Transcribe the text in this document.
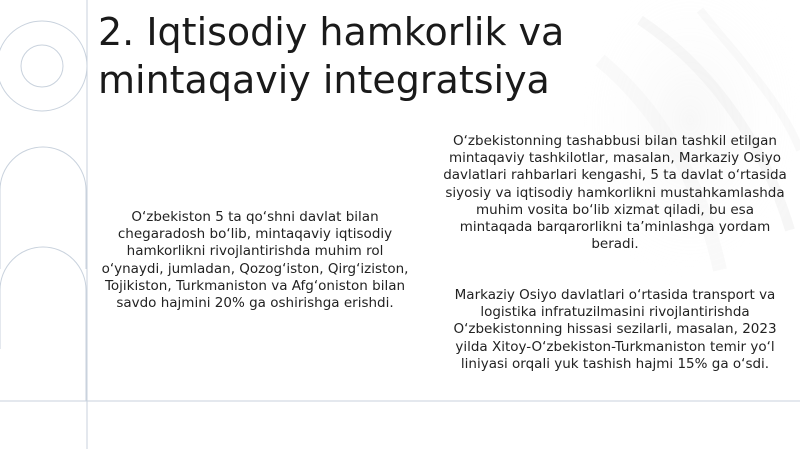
2. Iqtisodiy hamkorlik va mintaqaviy integratsiya

O‘zbekiston 5 ta qo‘shni davlat bilan chegaradosh bo‘lib, mintaqaviy iqtisodiy hamkorlikni rivojlantirishda muhim rol o‘ynaydi, jumladan, Qozog‘iston, Qirg‘iziston, Tojikiston, Turkmaniston va Afg‘oniston bilan savdo hajmini 20% ga oshirishga erishdi.

O‘zbekistonning tashabbusi bilan tashkil etilgan mintaqaviy tashkilotlar, masalan, Markaziy Osiyo davlatlari rahbarlari kengashi, 5 ta davlat o‘rtasida siyosiy va iqtisodiy hamkorlikni mustahkamlashda muhim vosita bo‘lib xizmat qiladi, bu esa mintaqada barqarorlikni ta’minlashga yordam beradi.

Markaziy Osiyo davlatlari o‘rtasida transport va logistika infratuzilmasini rivojlantirishda O‘zbekistonning hissasi sezilarli, masalan, 2023 yilda Xitoy-O‘zbekiston-Turkmaniston temir yo‘l liniyasi orqali yuk tashish hajmi 15% ga o‘sdi.
